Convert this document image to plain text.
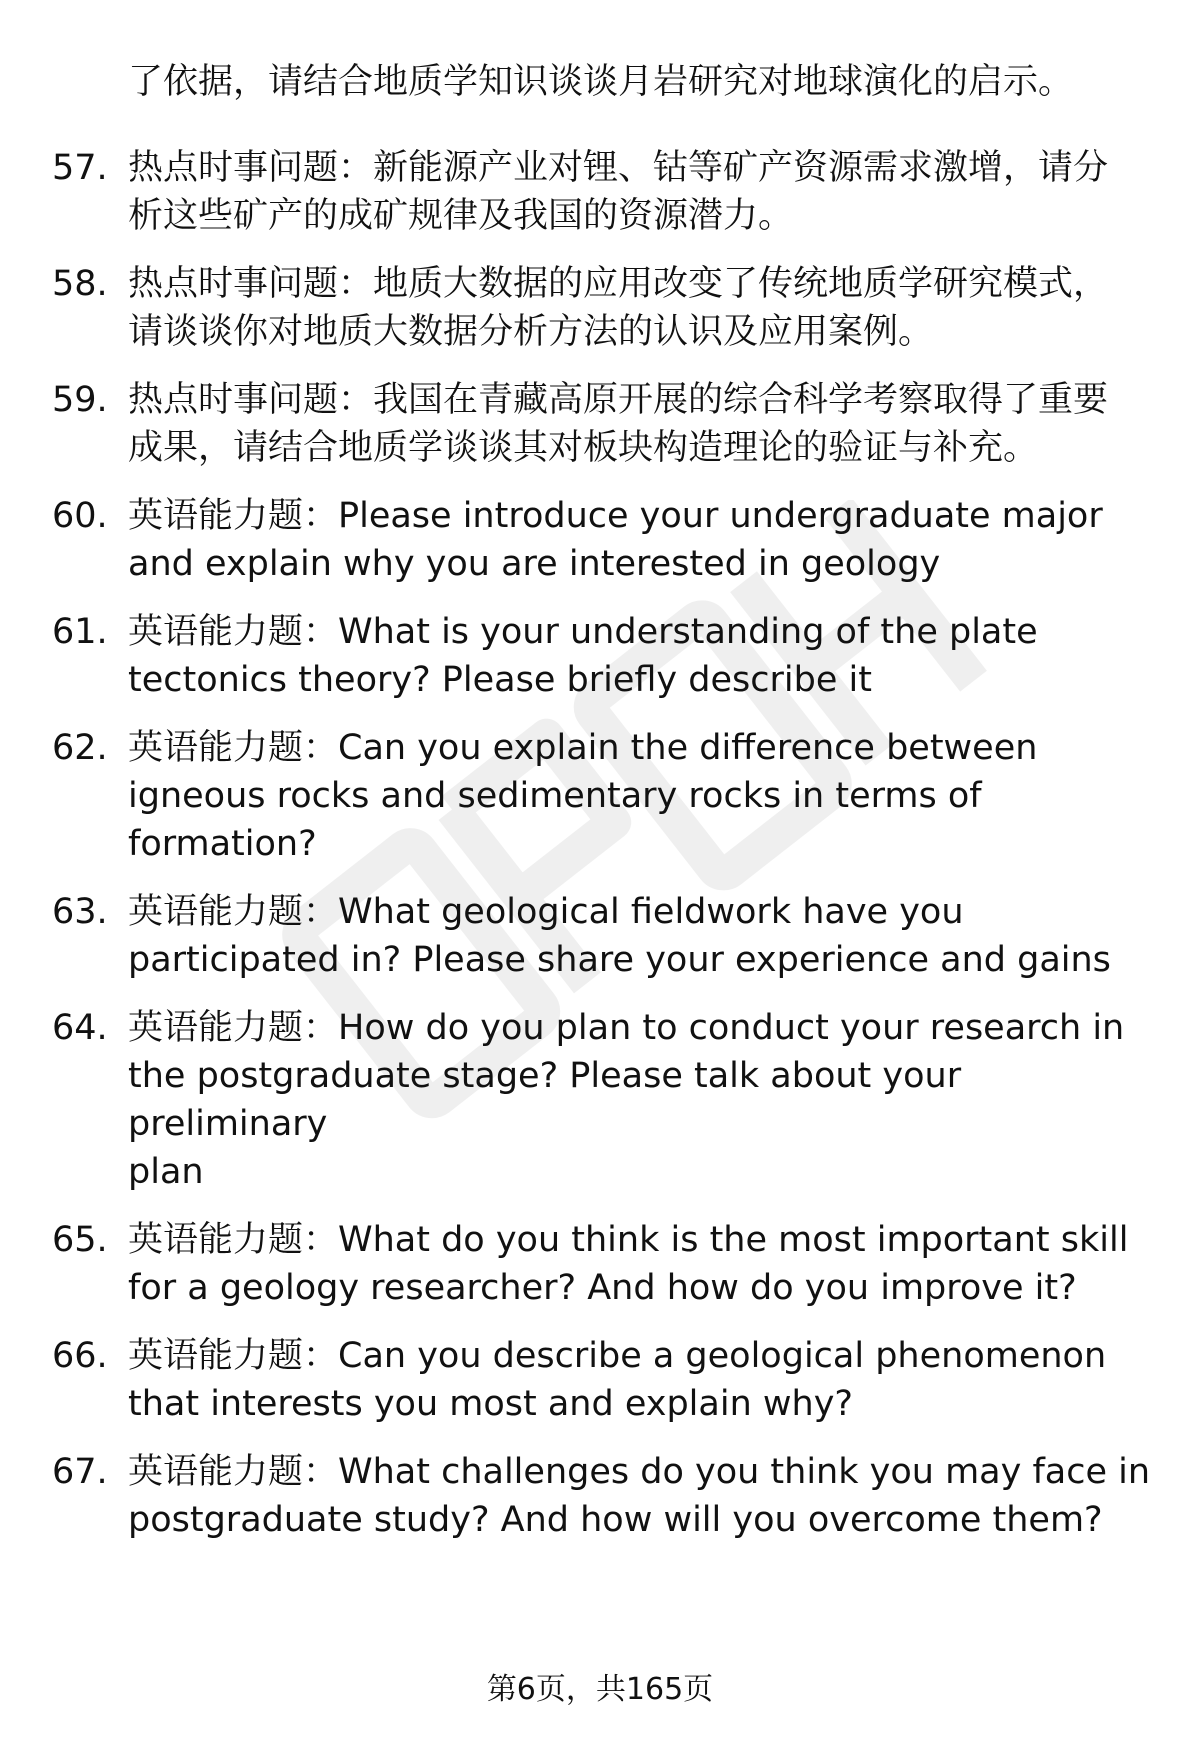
了依据，请结合地质学知识谈谈月岩研究对地球演化的启示。
57. 热点时事问题：新能源产业对锂、钴等矿产资源需求激增，请分
析这些矿产的成矿规律及我国的资源潜力。
58. 热点时事问题：地质大数据的应用改变了传统地质学研究模式，
请谈谈你对地质大数据分析方法的认识及应用案例。
59. 热点时事问题：我国在青藏高原开展的综合科学考察取得了重要
成果，请结合地质学谈谈其对板块构造理论的验证与补充。
60. 英语能力题：Please introduce your undergraduate major
and explain why you are interested in geology
61. 英语能力题：What is your understanding of the plate
tectonics theory? Please briefly describe it
62. 英语能力题：Can you explain the difference between
igneous rocks and sedimentary rocks in terms of
formation?
63. 英语能力题：What geological fieldwork have you
participated in? Please share your experience and gains
64. 英语能力题：How do you plan to conduct your research in
the postgraduate stage? Please talk about your preliminary
plan
65. 英语能力题：What do you think is the most important skill
for a geology researcher? And how do you improve it?
66. 英语能力题：Can you describe a geological phenomenon
that interests you most and explain why?
67. 英语能力题：What challenges do you think you may face in
postgraduate study? And how will you overcome them?
第6页，共165页
